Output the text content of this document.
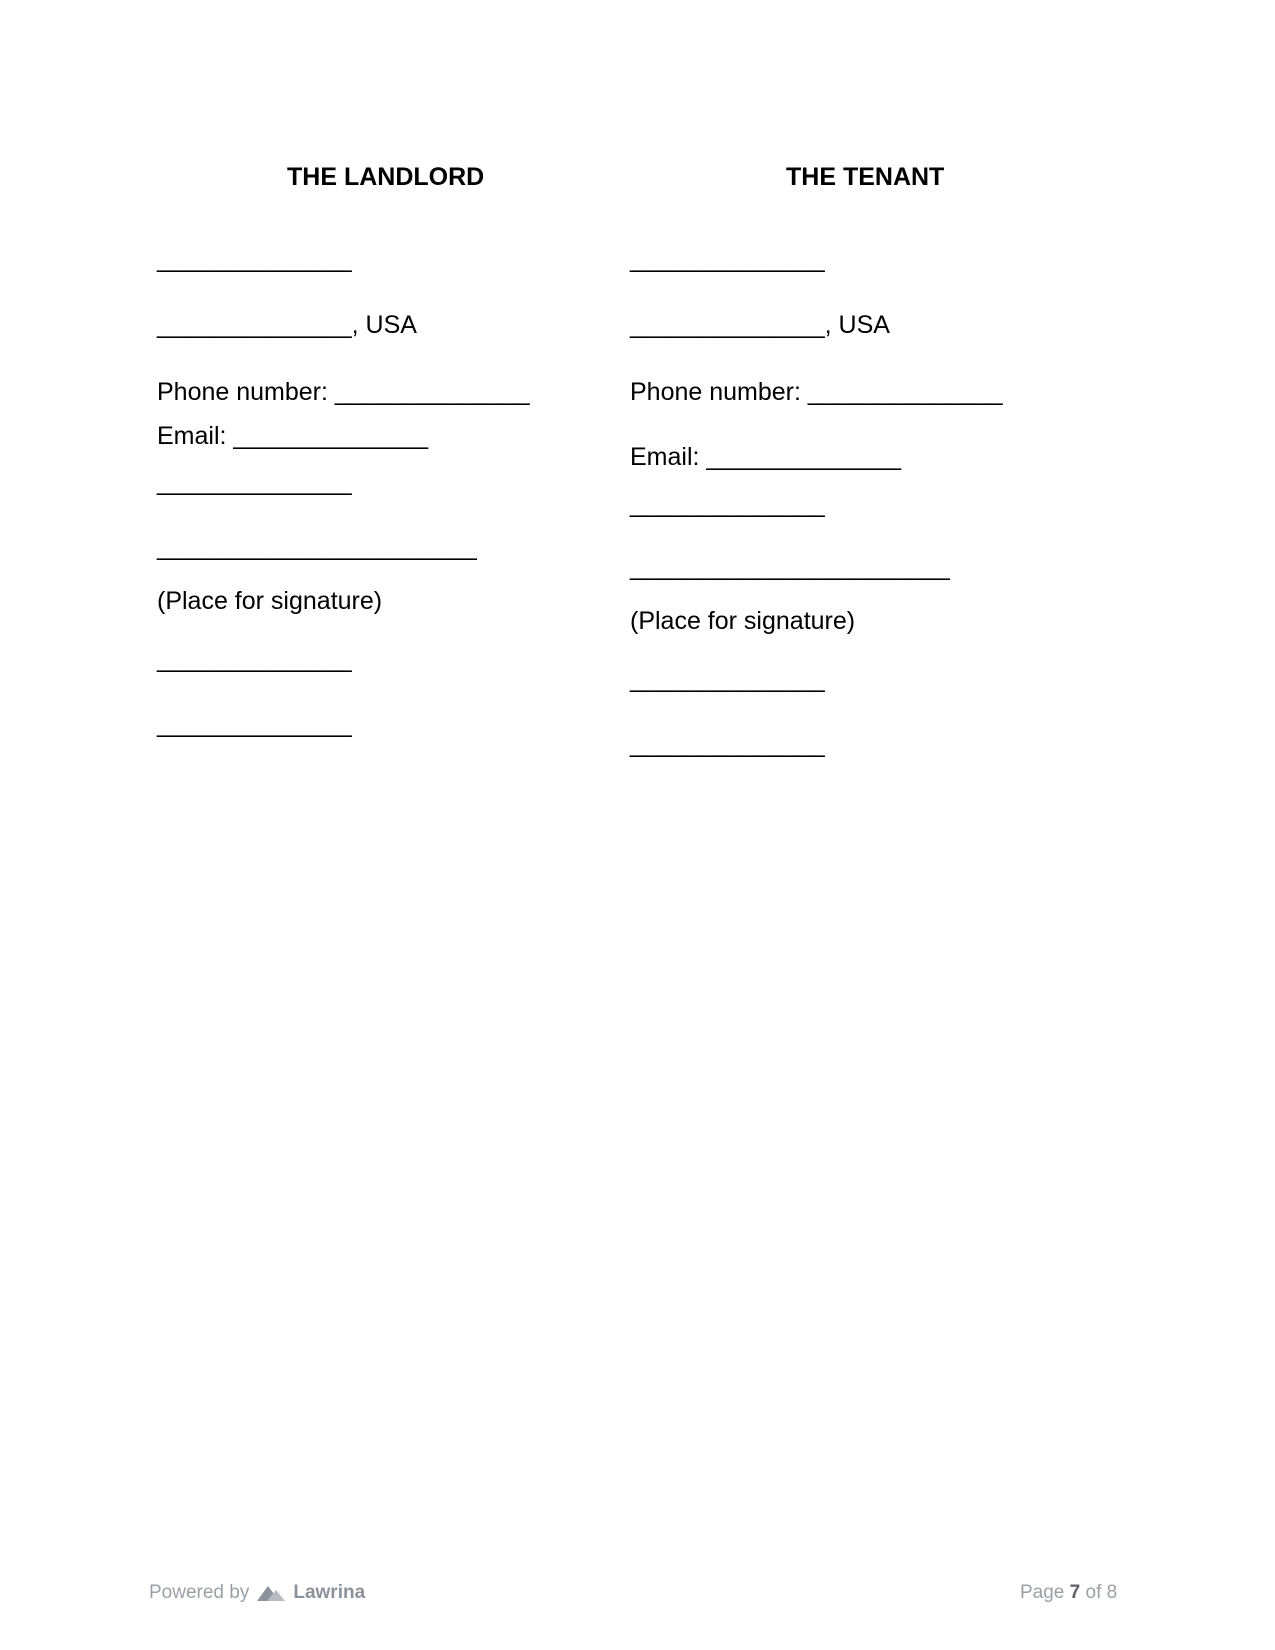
THE LANDLORD
______________
______________, USA
Phone number: ______________
Email: ______________
______________
_______________________
(Place for signature)
______________
______________
THE TENANT
______________
______________, USA
Phone number: ______________
Email: ______________
______________
_______________________
(Place for signature)
______________
______________
Powered by Lawrina	Page 7 of 8
